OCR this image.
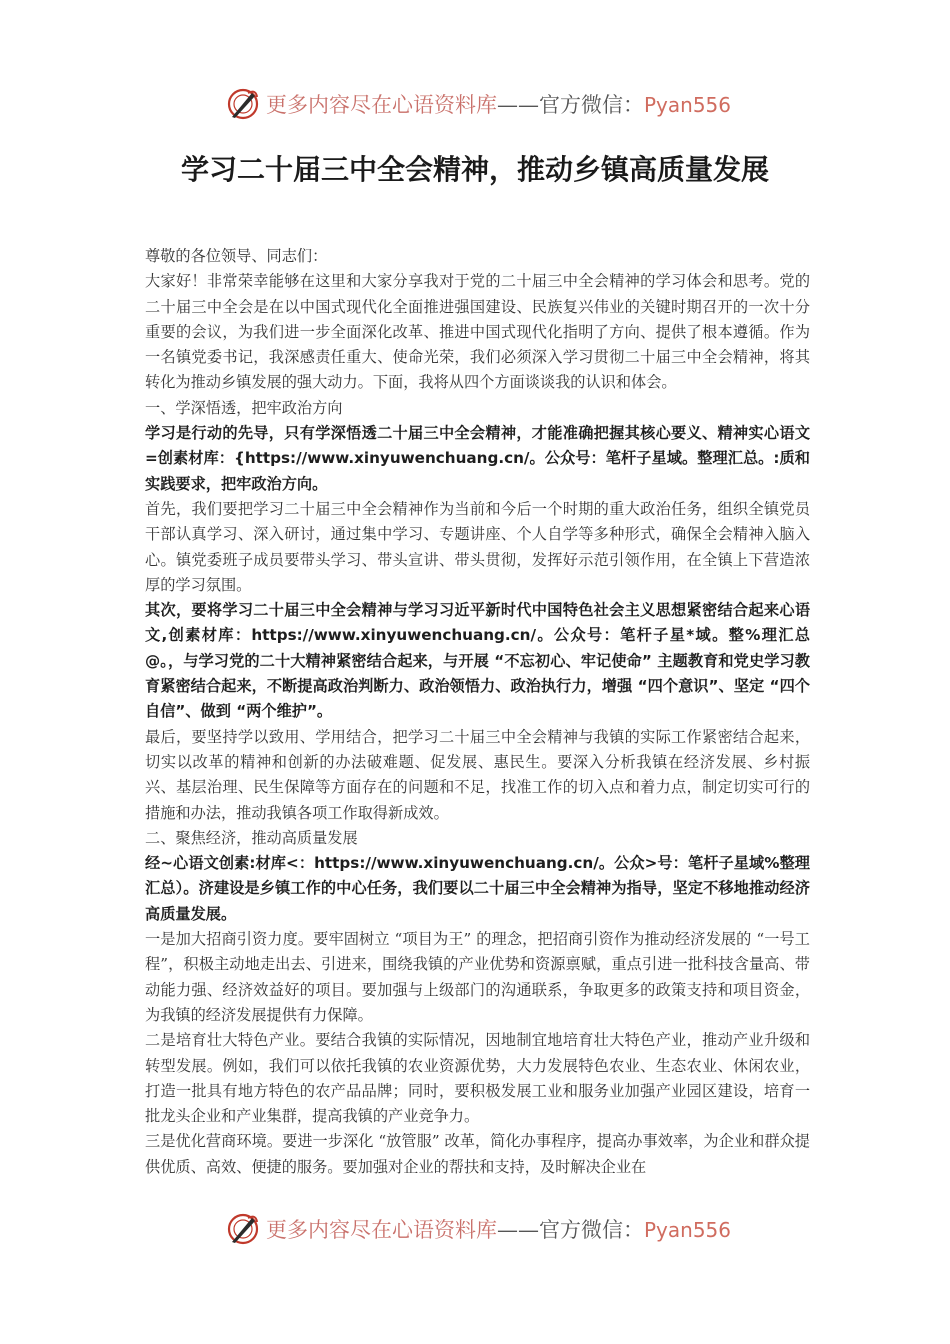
更多内容尽在心语资料库——官方微信：Pyan556
学习二十届三中全会精神，推动乡镇高质量发展

尊敬的各位领导、同志们：

大家好！非常荣幸能够在这里和大家分享我对于党的二十届三中全会精神的学习体会和思考。党的二十届三中全会是在以中国式现代化全面推进强国建设、民族复兴伟业的关键时期召开的一次十分重要的会议，为我们进一步全面深化改革、推进中国式现代化指明了方向、提供了根本遵循。作为一名镇党委书记，我深感责任重大、使命光荣，我们必须深入学习贯彻二十届三中全会精神，将其转化为推动乡镇发展的强大动力。下面，我将从四个方面谈谈我的认识和体会。

一、学深悟透，把牢政治方向

学习是行动的先导，只有学深悟透二十届三中全会精神，才能准确把握其核心要义、精神实心语文=创素材库：{https://www.xinyuwenchuang.cn/。公众号：笔杆子星域。整理汇总。:质和实践要求，把牢政治方向。

首先，我们要把学习二十届三中全会精神作为当前和今后一个时期的重大政治任务，组织全镇党员干部认真学习、深入研讨，通过集中学习、专题讲座、个人自学等多种形式，确保全会精神入脑入心。镇党委班子成员要带头学习、带头宣讲、带头贯彻，发挥好示范引领作用，在全镇上下营造浓厚的学习氛围。

其次，要将学习二十届三中全会精神与学习习近平新时代中国特色社会主义思想紧密结合起来心语文,创素材库：https://www.xinyuwenchuang.cn/。公众号：笔杆子星*域。整%理汇总@。，与学习党的二十大精神紧密结合起来，与开展 “不忘初心、牢记使命” 主题教育和党史学习教育紧密结合起来，不断提高政治判断力、政治领悟力、政治执行力，增强 “四个意识”、坚定 “四个自信”、做到 “两个维护”。

最后，要坚持学以致用、学用结合，把学习二十届三中全会精神与我镇的实际工作紧密结合起来，切实以改革的精神和创新的办法破难题、促发展、惠民生。要深入分析我镇在经济发展、乡村振兴、基层治理、民生保障等方面存在的问题和不足，找准工作的切入点和着力点，制定切实可行的措施和办法，推动我镇各项工作取得新成效。

二、聚焦经济，推动高质量发展

经~心语文创素:材库<：https://www.xinyuwenchuang.cn/。公众>号：笔杆子星域%整理汇总）。济建设是乡镇工作的中心任务，我们要以二十届三中全会精神为指导，坚定不移地推动经济高质量发展。

一是加大招商引资力度。要牢固树立 “项目为王” 的理念，把招商引资作为推动经济发展的 “一号工程”，积极主动地走出去、引进来，围绕我镇的产业优势和资源禀赋，重点引进一批科技含量高、带动能力强、经济效益好的项目。要加强与上级部门的沟通联系，争取更多的政策支持和项目资金，为我镇的经济发展提供有力保障。

二是培育壮大特色产业。要结合我镇的实际情况，因地制宜地培育壮大特色产业，推动产业升级和转型发展。例如，我们可以依托我镇的农业资源优势，大力发展特色农业、生态农业、休闲农业，打造一批具有地方特色的农产品品牌；同时，要积极发展工业和服务业加强产业园区建设，培育一批龙头企业和产业集群，提高我镇的产业竞争力。

三是优化营商环境。要进一步深化 “放管服” 改革，简化办事程序，提高办事效率，为企业和群众提供优质、高效、便捷的服务。要加强对企业的帮扶和支持，及时解决企业在

更多内容尽在心语资料库——官方微信：Pyan556
